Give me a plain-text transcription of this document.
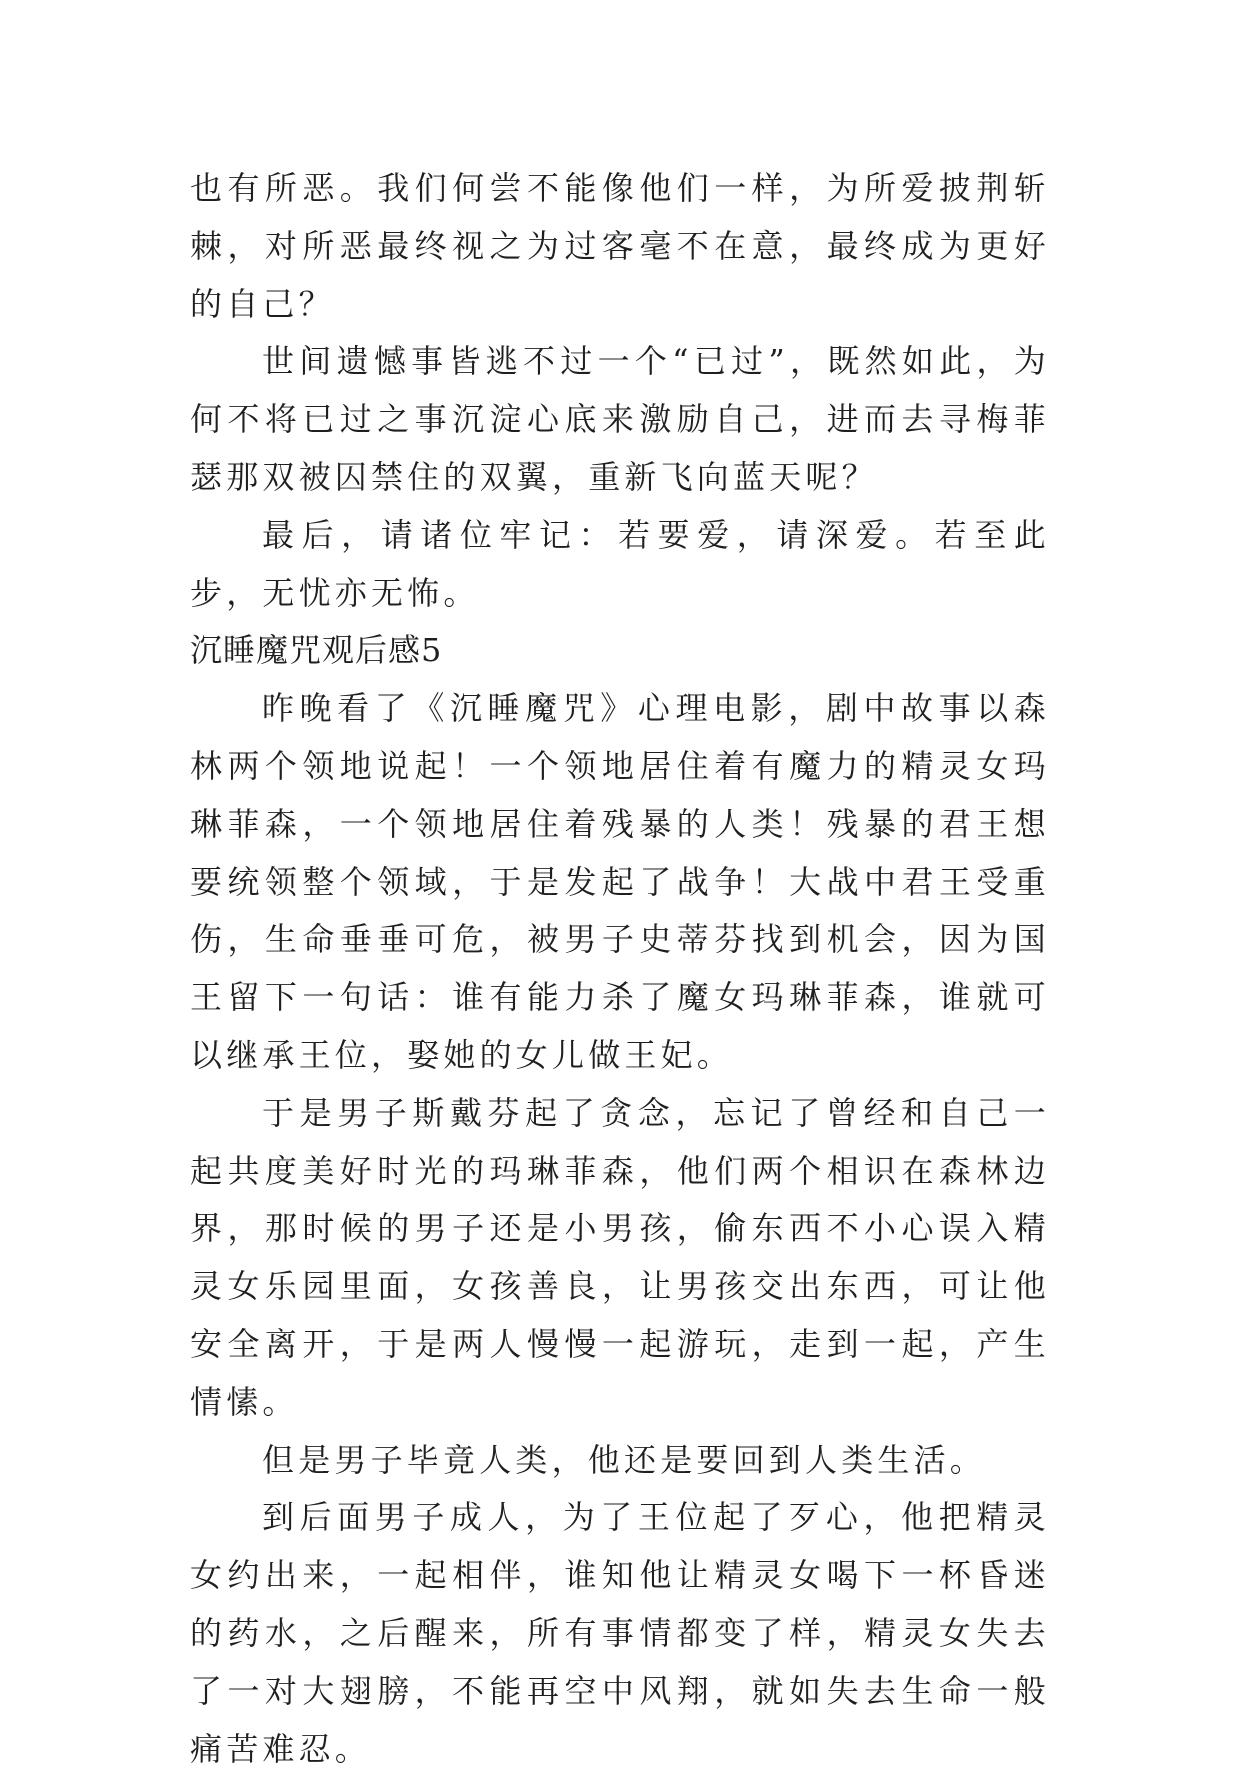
也有所恶。我们何尝不能像他们一样，为所爱披荆斩棘，对所恶最终视之为过客毫不在意，最终成为更好的自己？

世间遗憾事皆逃不过一个“已过”，既然如此，为何不将已过之事沉淀心底来激励自己，进而去寻梅菲瑟那双被囚禁住的双翼，重新飞向蓝天呢？

最后，请诸位牢记：若要爱，请深爱。若至此步，无忧亦无怖。

沉睡魔咒观后感5

昨晚看了《沉睡魔咒》心理电影，剧中故事以森林两个领地说起！一个领地居住着有魔力的精灵女玛琳菲森，一个领地居住着残暴的人类！残暴的君王想要统领整个领域，于是发起了战争！大战中君王受重伤，生命垂垂可危，被男子史蒂芬找到机会，因为国王留下一句话：谁有能力杀了魔女玛琳菲森，谁就可以继承王位，娶她的女儿做王妃。

于是男子斯戴芬起了贪念，忘记了曾经和自己一起共度美好时光的玛琳菲森，他们两个相识在森林边界，那时候的男子还是小男孩，偷东西不小心误入精灵女乐园里面，女孩善良，让男孩交出东西，可让他安全离开，于是两人慢慢一起游玩，走到一起，产生情愫。

但是男子毕竟人类，他还是要回到人类生活。

到后面男子成人，为了王位起了歹心，他把精灵女约出来，一起相伴，谁知他让精灵女喝下一杯昏迷的药水，之后醒来，所有事情都变了样，精灵女失去了一对大翅膀，不能再空中风翔，就如失去生命一般痛苦难忍。
